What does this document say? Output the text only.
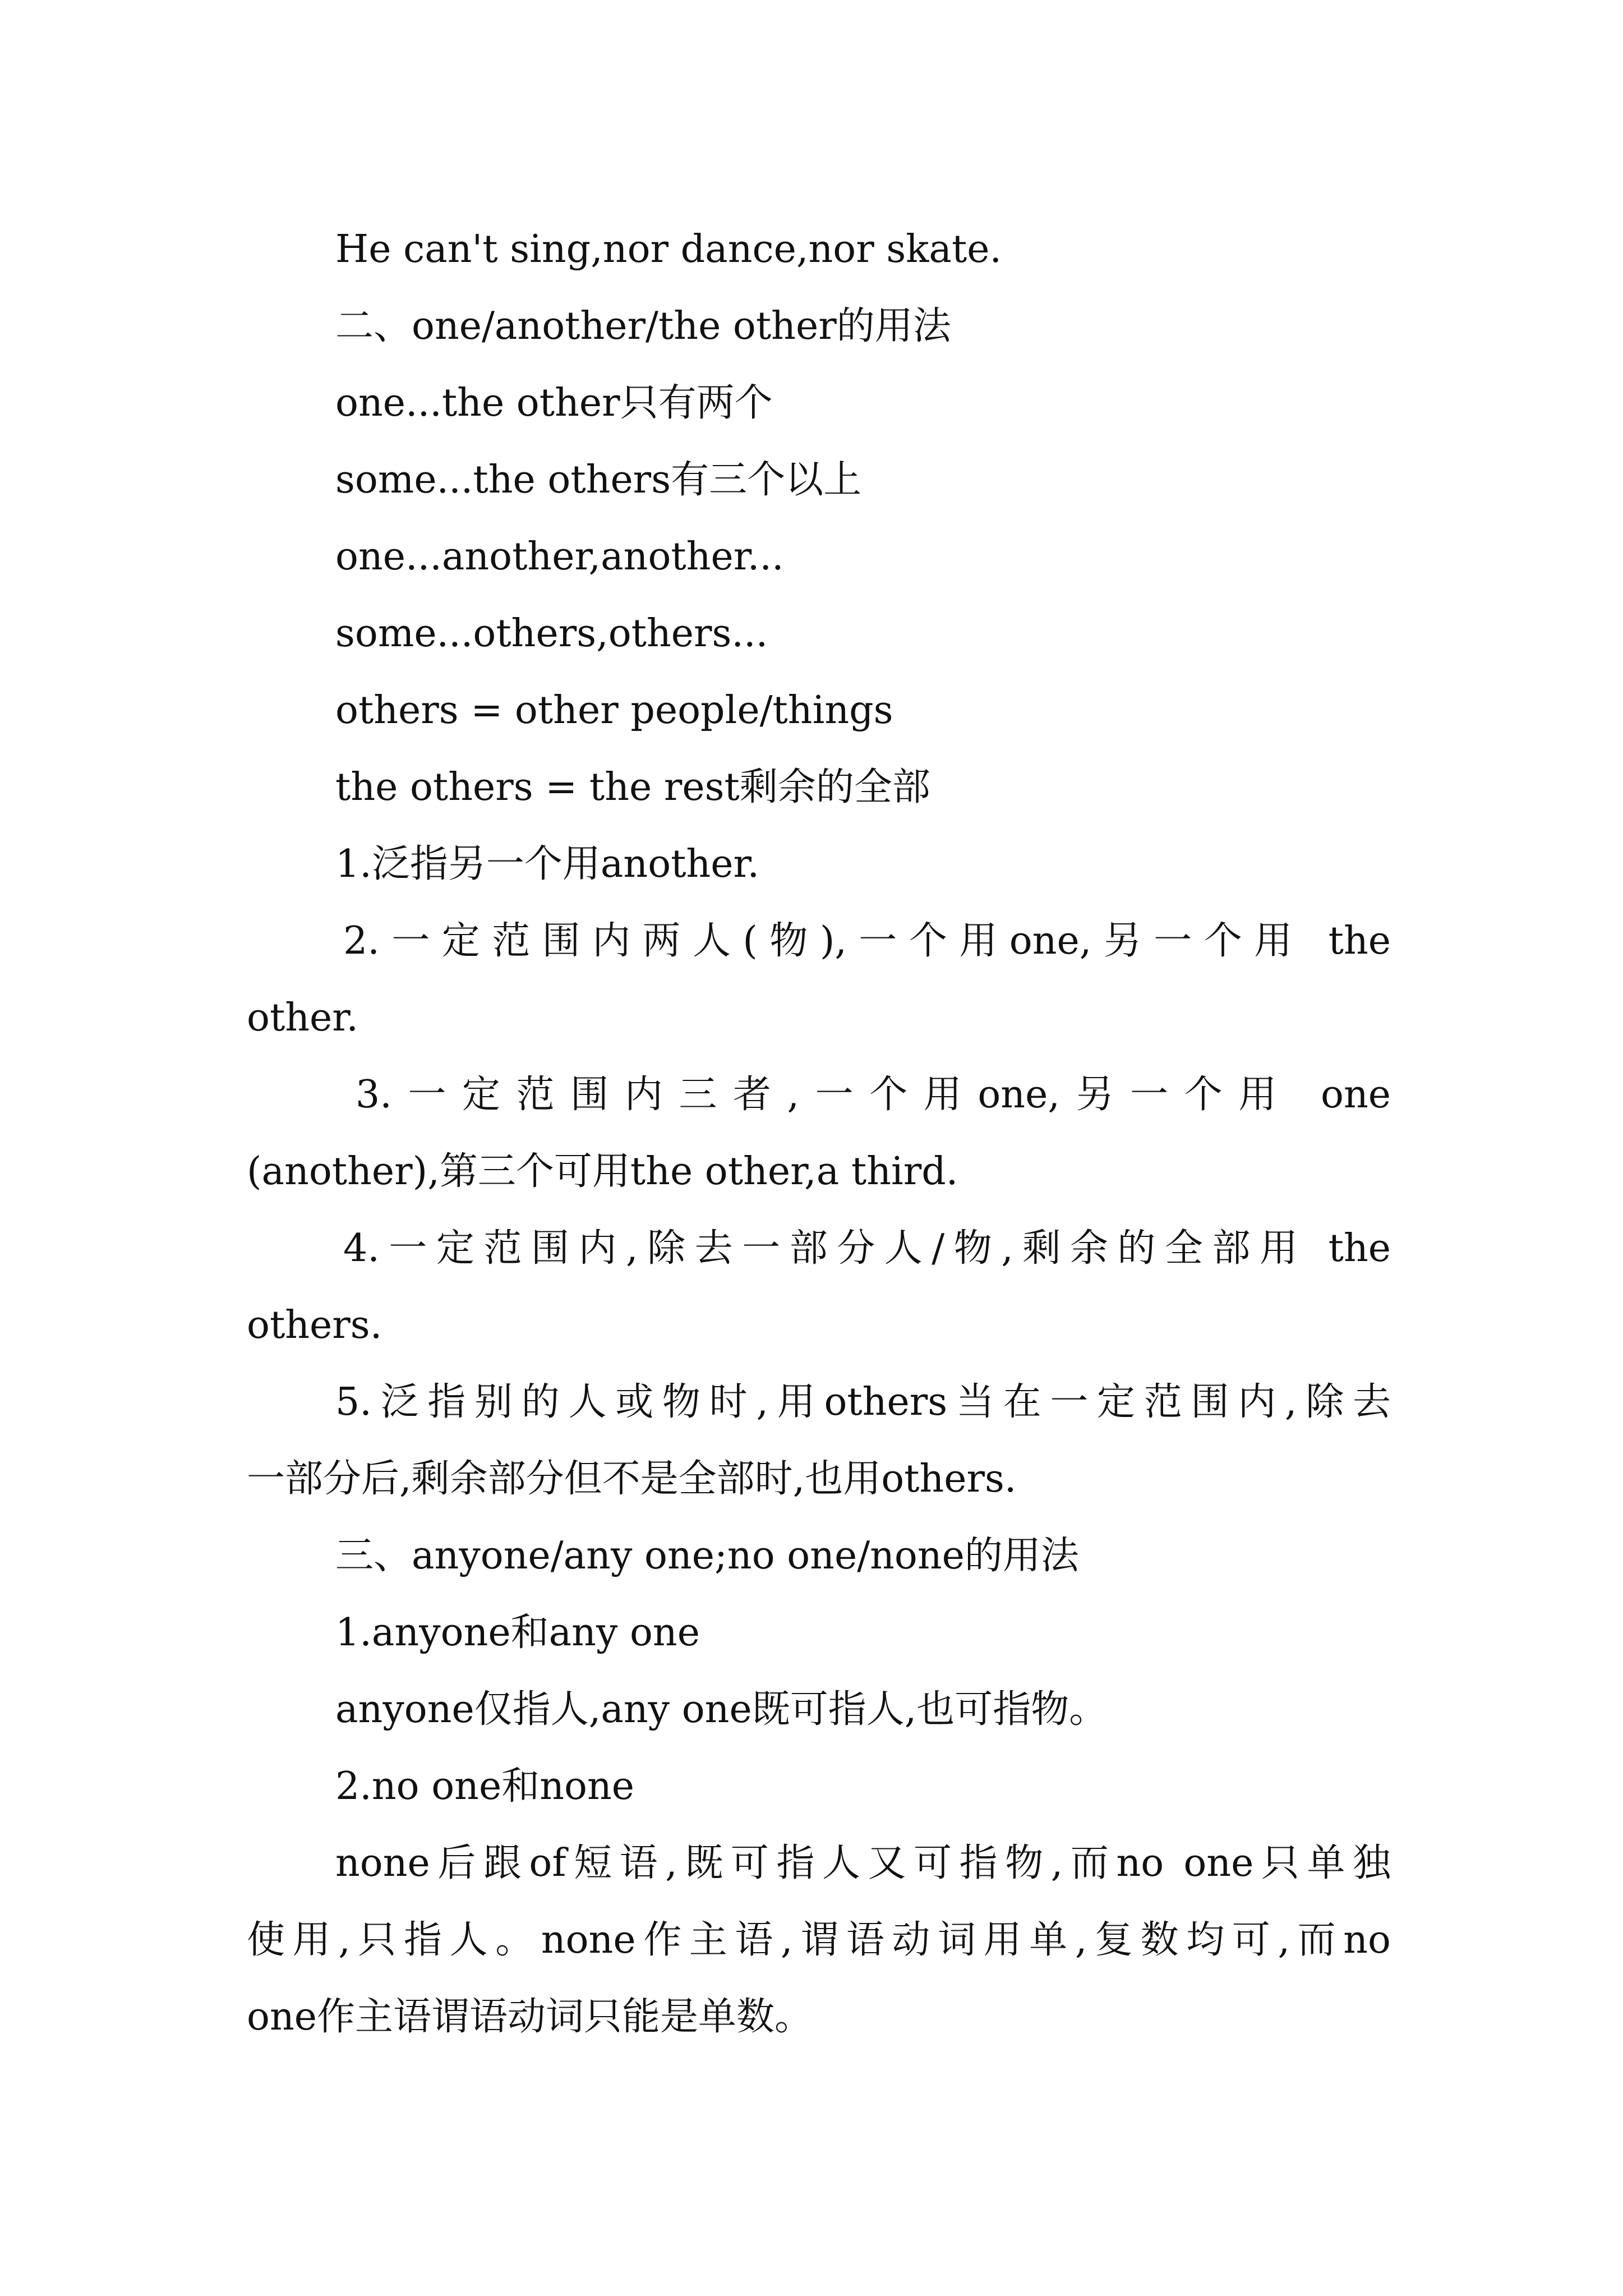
He can't sing,nor dance,nor skate.
二、one/another/the other的用法
one...the other只有两个
some...the others有三个以上
one...another,another...
some...others,others...
others = other people/things
the others = the rest剩余的全部
1.泛指另一个用another.
2.一定范围内两人(物),一个用one,另一个用 the
other.
3.一定范围内三者,一个用one,另一个用 one
(another),第三个可用the other,a third.
4.一定范围内,除去一部分人/物,剩余的全部用 the
others.
5.泛指别的人或物时,用others当在一定范围内,除去
一部分后,剩余部分但不是全部时,也用others.
三、anyone/any one;no one/none的用法
1.anyone和any one
anyone仅指人,any one既可指人,也可指物。
2.no one和none
none后跟of短语,既可指人又可指物,而no one只单独
使用,只指人。none作主语,谓语动词用单,复数均可,而no
one作主语谓语动词只能是单数。
